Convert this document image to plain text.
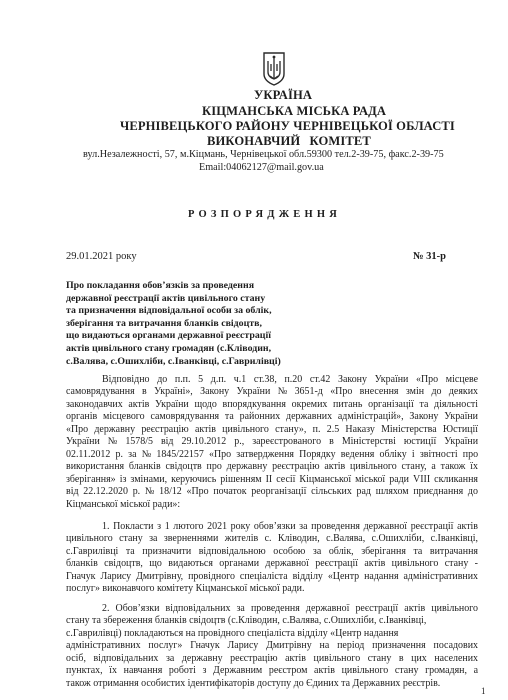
УКРАЇНА
КІЦМАНСЬКА МІСЬКА РАДА
ЧЕРНІВЕЦЬКОГО РАЙОНУ ЧЕРНІВЕЦЬКОЇ ОБЛАСТІ
ВИКОНАВЧИЙ КОМІТЕТ
вул.Незалежності, 57, м.Кіцмань, Чернівецької обл.59300 тел.2-39-75, факс.2-39-75
Email:04062127@mail.gov.ua
РОЗПОРЯДЖЕННЯ
29.01.2021 року	№ 31-р
Про покладання обов’язків за проведення
державної реєстрації актів цивільного стану
та призначення відповідальної особи за облік,
зберігання та витрачання бланків свідоцтв,
що видаються органами державної реєстрації
актів цивільного стану громадян (с.Кліводин,
с.Валява, с.Ошихліби, с.Іванківці, с.Гаврилівці)
Відповідно до п.п. 5 д.п. ч.1 ст.38, п.20 ст.42 Закону України «Про місцеве
самоврядування в Україні», Закону України № 3651-д «Про внесення змін до деяких
законодавчих актів України щодо впорядкування окремих питань організації та діяльності
органів місцевого самоврядування та районних державних адміністрацій», Закону України
«Про державну реєстрацію актів цивільного стану», п. 2.5 Наказу Міністерства Юстиції
України № 1578/5 від 29.10.2012 р., зареєстрованого в Міністерстві юстиції України
02.11.2012 р. за № 1845/22157 «Про затвердження Порядку ведення обліку і звітності про
використання бланків свідоцтв про державну реєстрацію актів цивільного стану, а також їх
зберігання» із змінами, керуючись рішенням II сесії Кіцманської міської ради VIII скликання
від 22.12.2020 р. № 18/12 «Про початок реорганізації сільських рад шляхом приєднання до
Кіцманської міської ради»:
1. Покласти з 1 лютого 2021 року обов’язки за проведення державної реєстрації актів
цивільного стану за зверненнями жителів с. Кліводин, с.Валява, с.Ошихліби, с.Іванківці,
с.Гаврилівці та призначити відповідальною особою за облік, зберігання та витрачання
бланків свідоцтв, що видаються органами державної реєстрації актів цивільного стану -
Гначук Ларису Дмитрівну, провідного спеціаліста відділу «Центр надання адміністративних
послуг» виконавчого комітету Кіцманської міської ради.
2. Обов’язки відповідальних за проведення державної реєстрації актів цивільного
стану та збереження бланків свідоцтв (с.Кліводин, с.Валява, с.Ошихліби, с.Іванківці,
с.Гаврилівці) покладаються на провідного спеціаліста відділу «Центр надання
адміністративних послуг» Гначук Ларису Дмитрівну на період призначення посадових
осіб, відповідальних за державну реєстрацію актів цивільного стану в цих населених
пунктах, їх навчання роботі з Державним реєстром актів цивільного стану громадян, а
також отримання особистих ідентифікаторів доступу до Єдиних та Державних реєстрів.
1
